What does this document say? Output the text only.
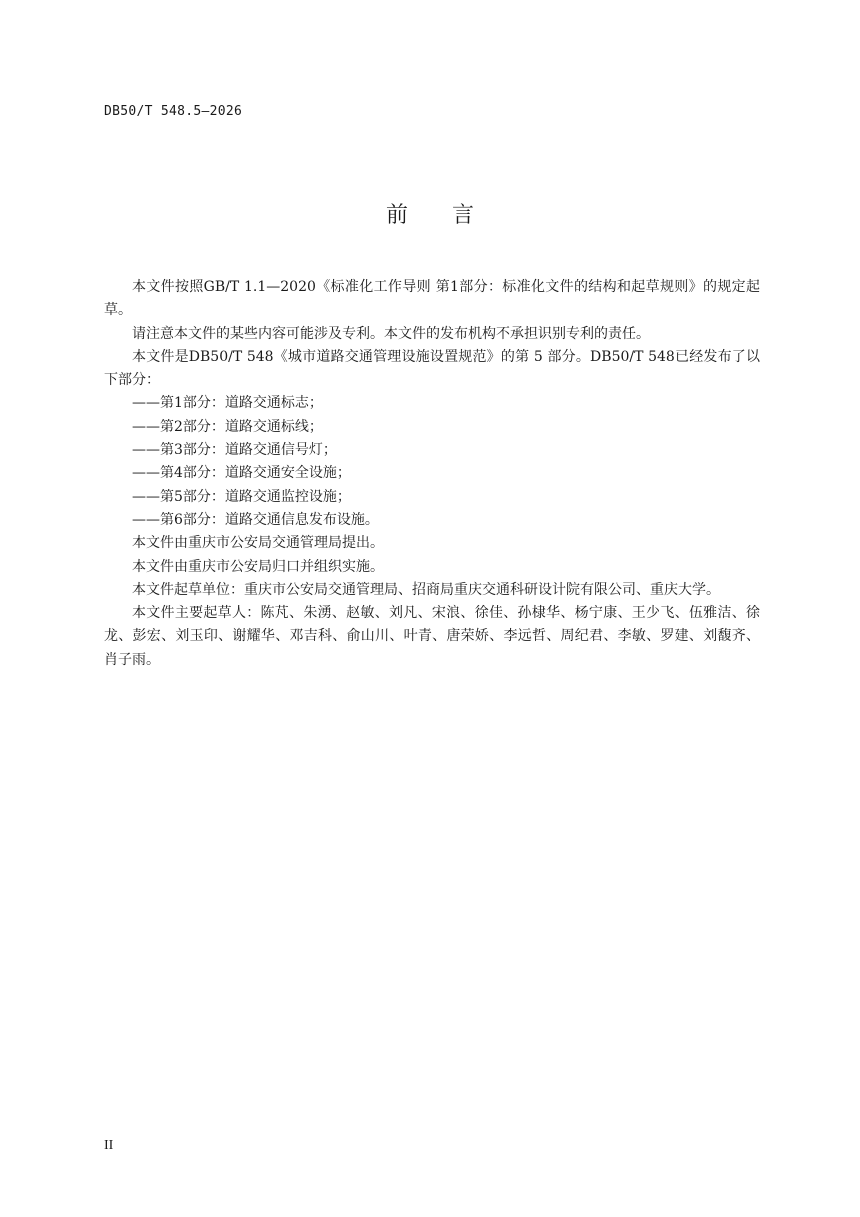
DB50/T 548.5—2026
前 言

本文件按照GB/T 1.1—2020《标准化工作导则 第1部分：标准化文件的结构和起草规则》的规定起草。

请注意本文件的某些内容可能涉及专利。本文件的发布机构不承担识别专利的责任。

本文件是DB50/T 548《城市道路交通管理设施设置规范》的第 5 部分。DB50/T 548已经发布了以下部分：

——第1部分：道路交通标志；

——第2部分：道路交通标线；

——第3部分：道路交通信号灯；

——第4部分：道路交通安全设施；

——第5部分：道路交通监控设施；

——第6部分：道路交通信息发布设施。

本文件由重庆市公安局交通管理局提出。

本文件由重庆市公安局归口并组织实施。

本文件起草单位：重庆市公安局交通管理局、招商局重庆交通科研设计院有限公司、重庆大学。

本文件主要起草人：陈芃、朱湧、赵敏、刘凡、宋浪、徐佳、孙棣华、杨宁康、王少飞、伍雅洁、徐龙、彭宏、刘玉印、谢耀华、邓吉科、俞山川、叶青、唐荣娇、李远哲、周纪君、李敏、罗建、刘馥齐、肖子雨。

II
